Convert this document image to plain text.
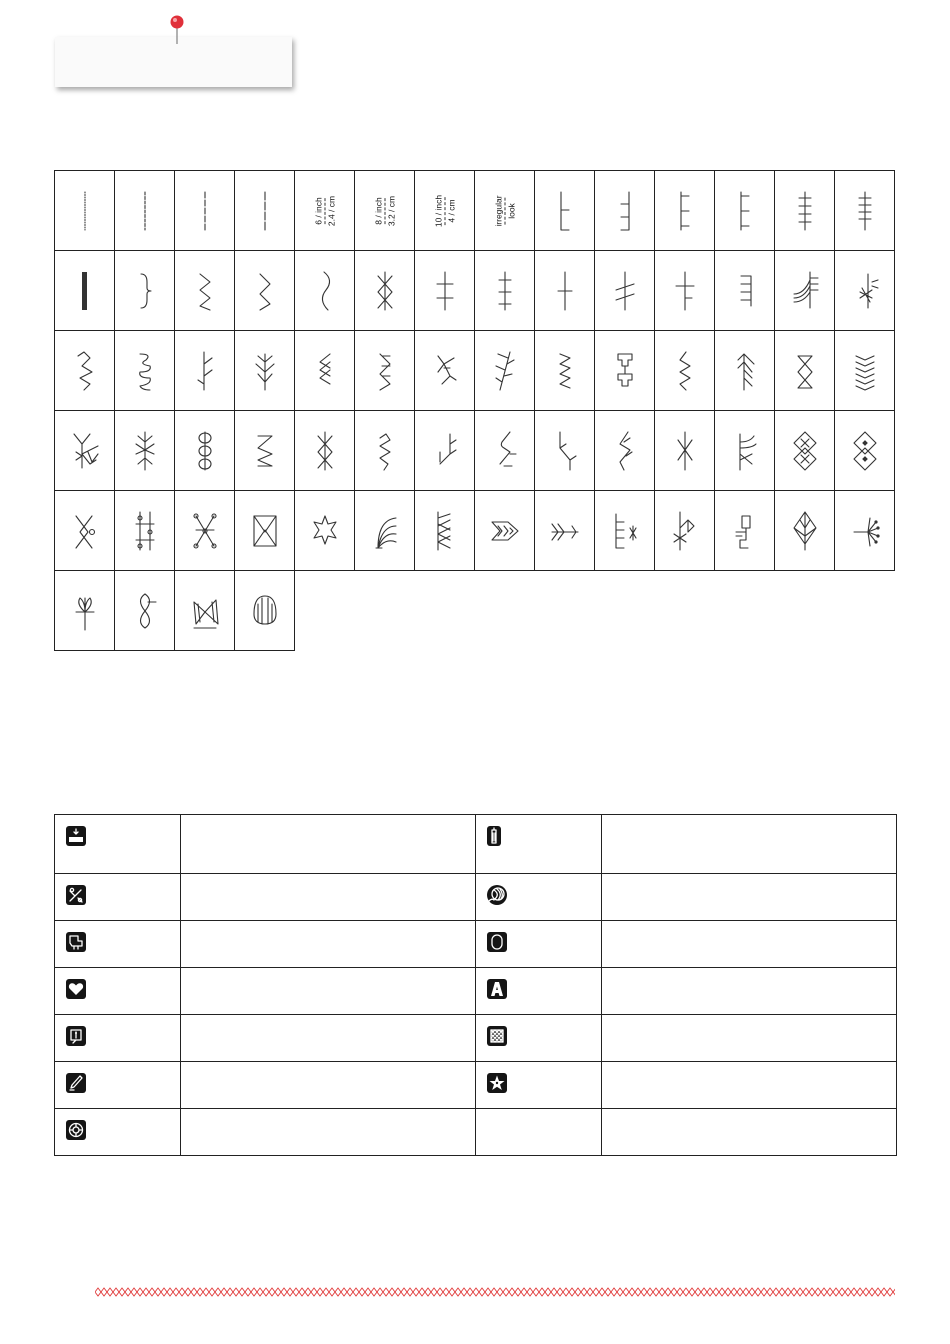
6 / inch 2.4 / cm	8 / inch 3.2 / cm	10 / inch 4 / cm	irregular look
